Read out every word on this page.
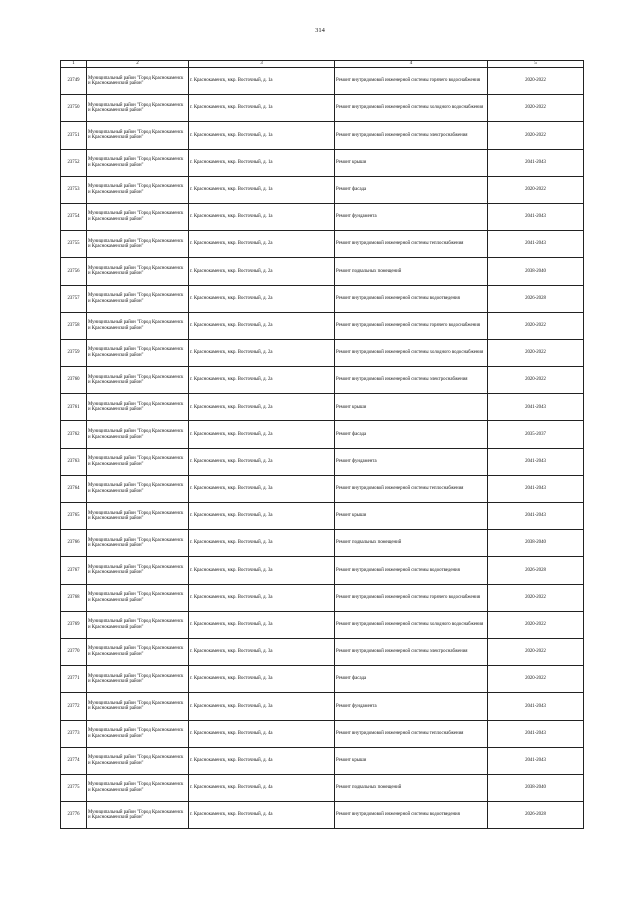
314
1	2	3	4	5
23749	Муниципальный район "Город Краснокаменск и Краснокаменский район"	г. Краснокаменск, мкр. Восточный, д. 1а	Ремонт внутридомовой инженерной системы горячего водоснабжения	2020-2022
23750	Муниципальный район "Город Краснокаменск и Краснокаменский район"	г. Краснокаменск, мкр. Восточный, д. 1а	Ремонт внутридомовой инженерной системы холодного водоснабжения	2020-2022
23751	Муниципальный район "Город Краснокаменск и Краснокаменский район"	г. Краснокаменск, мкр. Восточный, д. 1а	Ремонт внутридомовой инженерной системы электроснабжения	2020-2022
23752	Муниципальный район "Город Краснокаменск и Краснокаменский район"	г. Краснокаменск, мкр. Восточный, д. 1а	Ремонт крыши	2041-2043
23753	Муниципальный район "Город Краснокаменск и Краснокаменский район"	г. Краснокаменск, мкр. Восточный, д. 1а	Ремонт фасада	2020-2022
23754	Муниципальный район "Город Краснокаменск и Краснокаменский район"	г. Краснокаменск, мкр. Восточный, д. 1а	Ремонт фундамента	2041-2043
23755	Муниципальный район "Город Краснокаменск и Краснокаменский район"	г. Краснокаменск, мкр. Восточный, д. 2а	Ремонт внутридомовой инженерной системы теплоснабжения	2041-2043
23756	Муниципальный район "Город Краснокаменск и Краснокаменский район"	г. Краснокаменск, мкр. Восточный, д. 2а	Ремонт подвальных помещений	2038-2040
23757	Муниципальный район "Город Краснокаменск и Краснокаменский район"	г. Краснокаменск, мкр. Восточный, д. 2а	Ремонт внутридомовой инженерной системы водоотведения	2026-2028
23758	Муниципальный район "Город Краснокаменск и Краснокаменский район"	г. Краснокаменск, мкр. Восточный, д. 2а	Ремонт внутридомовой инженерной системы горячего водоснабжения	2020-2022
23759	Муниципальный район "Город Краснокаменск и Краснокаменский район"	г. Краснокаменск, мкр. Восточный, д. 2а	Ремонт внутридомовой инженерной системы холодного водоснабжения	2020-2022
23760	Муниципальный район "Город Краснокаменск и Краснокаменский район"	г. Краснокаменск, мкр. Восточный, д. 2а	Ремонт внутридомовой инженерной системы электроснабжения	2020-2022
23761	Муниципальный район "Город Краснокаменск и Краснокаменский район"	г. Краснокаменск, мкр. Восточный, д. 2а	Ремонт крыши	2041-2043
23762	Муниципальный район "Город Краснокаменск и Краснокаменский район"	г. Краснокаменск, мкр. Восточный, д. 2а	Ремонт фасада	2035-2037
23763	Муниципальный район "Город Краснокаменск и Краснокаменский район"	г. Краснокаменск, мкр. Восточный, д. 2а	Ремонт фундамента	2041-2043
23764	Муниципальный район "Город Краснокаменск и Краснокаменский район"	г. Краснокаменск, мкр. Восточный, д. 3а	Ремонт внутридомовой инженерной системы теплоснабжения	2041-2043
23765	Муниципальный район "Город Краснокаменск и Краснокаменский район"	г. Краснокаменск, мкр. Восточный, д. 3а	Ремонт крыши	2041-2043
23766	Муниципальный район "Город Краснокаменск и Краснокаменский район"	г. Краснокаменск, мкр. Восточный, д. 3а	Ремонт подвальных помещений	2038-2040
23767	Муниципальный район "Город Краснокаменск и Краснокаменский район"	г. Краснокаменск, мкр. Восточный, д. 3а	Ремонт внутридомовой инженерной системы водоотведения	2026-2028
23768	Муниципальный район "Город Краснокаменск и Краснокаменский район"	г. Краснокаменск, мкр. Восточный, д. 3а	Ремонт внутридомовой инженерной системы горячего водоснабжения	2020-2022
23769	Муниципальный район "Город Краснокаменск и Краснокаменский район"	г. Краснокаменск, мкр. Восточный, д. 3а	Ремонт внутридомовой инженерной системы холодного водоснабжения	2020-2022
23770	Муниципальный район "Город Краснокаменск и Краснокаменский район"	г. Краснокаменск, мкр. Восточный, д. 3а	Ремонт внутридомовой инженерной системы электроснабжения	2020-2022
23771	Муниципальный район "Город Краснокаменск и Краснокаменский район"	г. Краснокаменск, мкр. Восточный, д. 3а	Ремонт фасада	2020-2022
23772	Муниципальный район "Город Краснокаменск и Краснокаменский район"	г. Краснокаменск, мкр. Восточный, д. 3а	Ремонт фундамента	2041-2043
23773	Муниципальный район "Город Краснокаменск и Краснокаменский район"	г. Краснокаменск, мкр. Восточный, д. 4а	Ремонт внутридомовой инженерной системы теплоснабжения	2041-2043
23774	Муниципальный район "Город Краснокаменск и Краснокаменский район"	г. Краснокаменск, мкр. Восточный, д. 4а	Ремонт крыши	2041-2043
23775	Муниципальный район "Город Краснокаменск и Краснокаменский район"	г. Краснокаменск, мкр. Восточный, д. 4а	Ремонт подвальных помещений	2038-2040
23776	Муниципальный район "Город Краснокаменск и Краснокаменский район"	г. Краснокаменск, мкр. Восточный, д. 4а	Ремонт внутридомовой инженерной системы водоотведения	2026-2028
